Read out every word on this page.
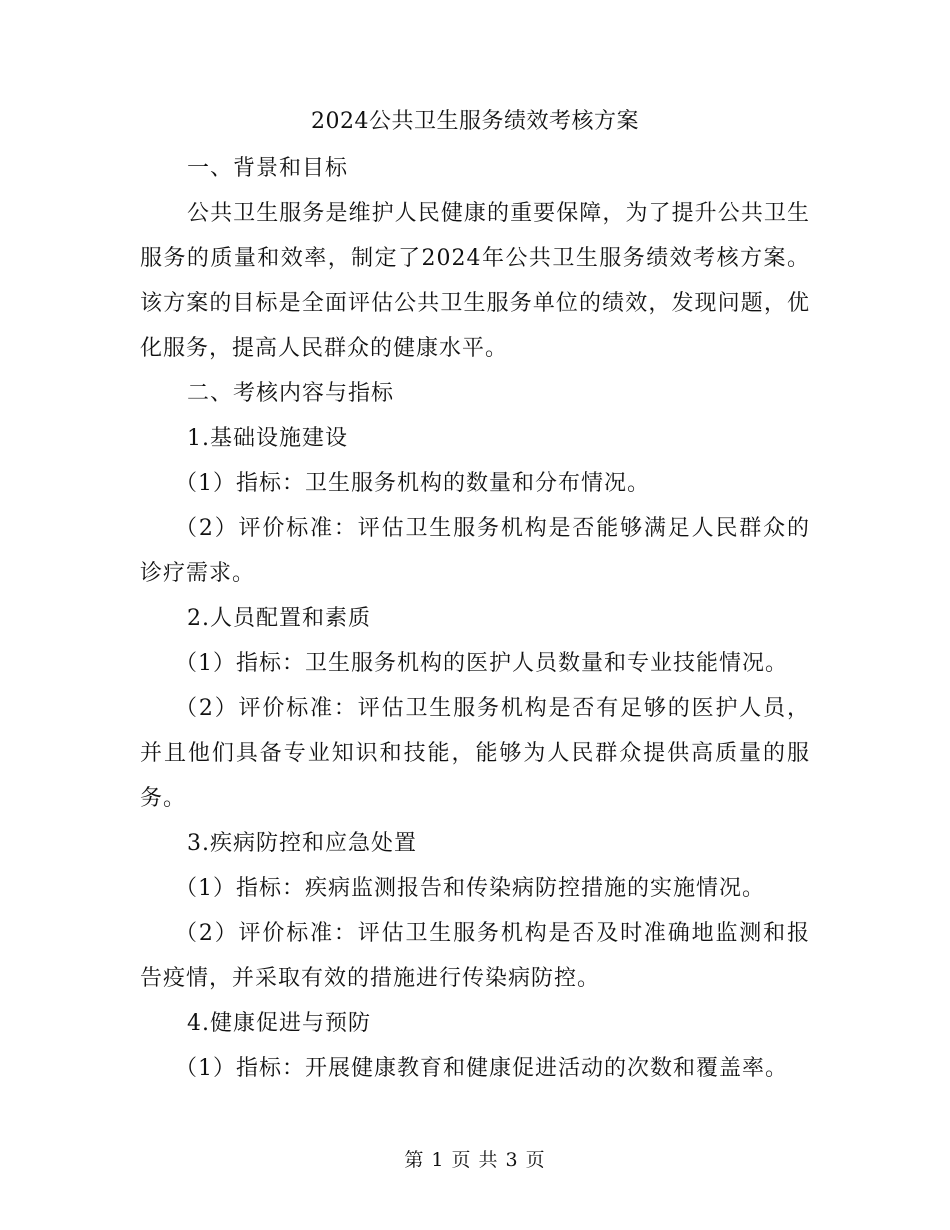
2024公共卫生服务绩效考核方案

一、背景和目标

公共卫生服务是维护人民健康的重要保障，为了提升公共卫生服务的质量和效率，制定了2024年公共卫生服务绩效考核方案。该方案的目标是全面评估公共卫生服务单位的绩效，发现问题，优化服务，提高人民群众的健康水平。

二、考核内容与指标

1.基础设施建设

（1）指标：卫生服务机构的数量和分布情况。

（2）评价标准：评估卫生服务机构是否能够满足人民群众的诊疗需求。

2.人员配置和素质

（1）指标：卫生服务机构的医护人员数量和专业技能情况。

（2）评价标准：评估卫生服务机构是否有足够的医护人员，并且他们具备专业知识和技能，能够为人民群众提供高质量的服务。

3.疾病防控和应急处置

（1）指标：疾病监测报告和传染病防控措施的实施情况。

（2）评价标准：评估卫生服务机构是否及时准确地监测和报告疫情，并采取有效的措施进行传染病防控。

4.健康促进与预防

（1）指标：开展健康教育和健康促进活动的次数和覆盖率。

第 1 页 共 3 页
